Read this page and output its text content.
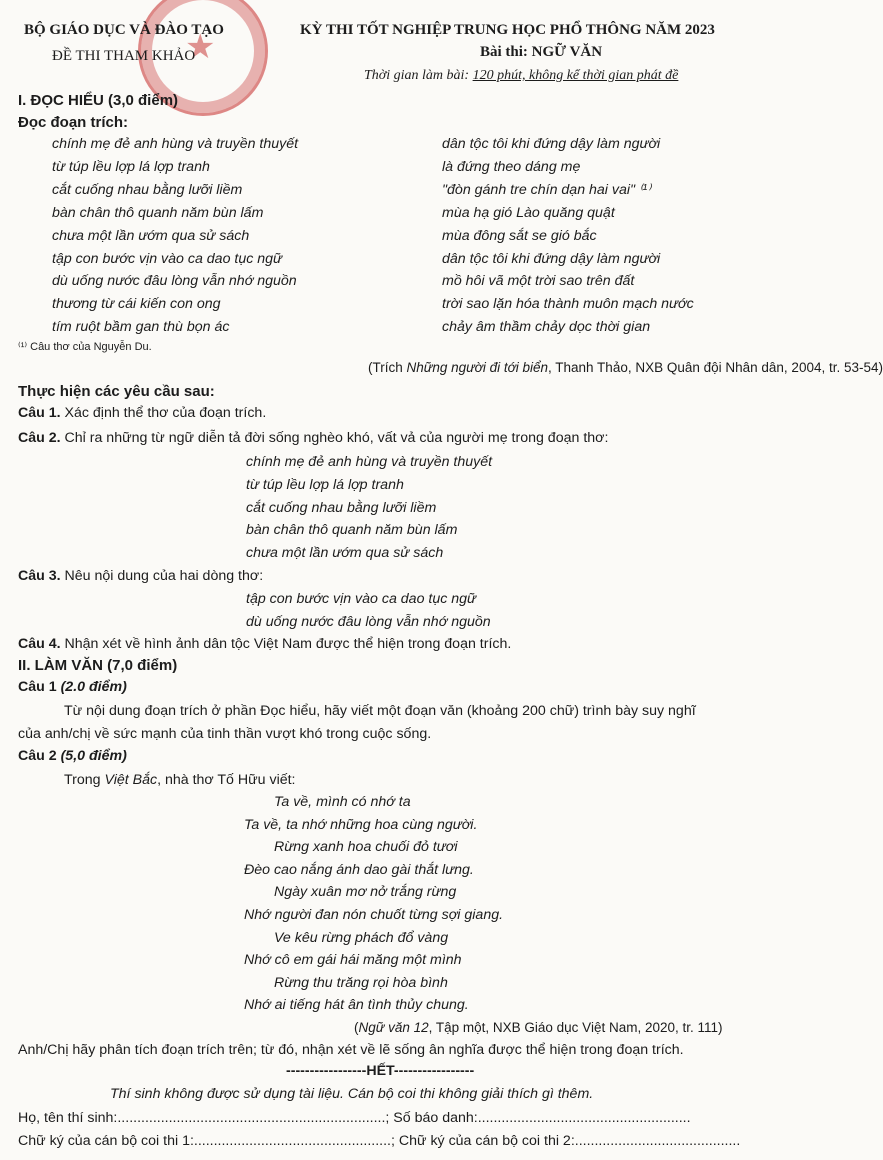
★
BỘ GIÁO DỤC VÀ ĐÀO TẠO
ĐỀ THI THAM KHẢO
KỲ THI TỐT NGHIỆP TRUNG HỌC PHỔ THÔNG NĂM 2023
Bài thi: NGỮ VĂN
Thời gian làm bài: 120 phút, không kể thời gian phát đề
I. ĐỌC HIỂU (3,0 điểm)
Đọc đoạn trích:
chính mẹ đẻ anh hùng và truyền thuyết
từ túp lều lợp lá lợp tranh
cắt cuống nhau bằng lưỡi liềm
bàn chân thô quanh năm bùn lấm
chưa một lần ướm qua sử sách
tập con bước vịn vào ca dao tục ngữ
dù uống nước đâu lòng vẫn nhớ nguồn
thương từ cái kiến con ong
tím ruột bầm gan thù bọn ác
dân tộc tôi khi đứng dậy làm người
là đứng theo dáng mẹ
"đòn gánh tre chín dạn hai vai" ⁽¹⁾
mùa hạ gió Lào quăng quật
mùa đông sắt se gió bắc
dân tộc tôi khi đứng dậy làm người
mồ hôi vã một trời sao trên đất
trời sao lặn hóa thành muôn mạch nước
chảy âm thầm chảy dọc thời gian
⁽¹⁾ Câu thơ của Nguyễn Du.
(Trích Những người đi tới biển, Thanh Thảo, NXB Quân đội Nhân dân, 2004, tr. 53-54)
Thực hiện các yêu cầu sau:
Câu 1. Xác định thể thơ của đoạn trích.
Câu 2. Chỉ ra những từ ngữ diễn tả đời sống nghèo khó, vất vả của người mẹ trong đoạn thơ:
chính mẹ đẻ anh hùng và truyền thuyết
từ túp lều lợp lá lợp tranh
cắt cuống nhau bằng lưỡi liềm
bàn chân thô quanh năm bùn lấm
chưa một lần ướm qua sử sách
Câu 3. Nêu nội dung của hai dòng thơ:
tập con bước vịn vào ca dao tục ngữ
dù uống nước đâu lòng vẫn nhớ nguồn
Câu 4. Nhận xét về hình ảnh dân tộc Việt Nam được thể hiện trong đoạn trích.
II. LÀM VĂN (7,0 điểm)
Câu 1 (2.0 điểm)
Từ nội dung đoạn trích ở phần Đọc hiểu, hãy viết một đoạn văn (khoảng 200 chữ) trình bày suy nghĩ
của anh/chị về sức mạnh của tinh thần vượt khó trong cuộc sống.
Câu 2 (5,0 điểm)
Trong Việt Bắc, nhà thơ Tố Hữu viết:
Ta về, mình có nhớ ta
Ta về, ta nhớ những hoa cùng người.
Rừng xanh hoa chuối đỏ tươi
Đèo cao nắng ánh dao gài thắt lưng.
Ngày xuân mơ nở trắng rừng
Nhớ người đan nón chuốt từng sợi giang.
Ve kêu rừng phách đổ vàng
Nhớ cô em gái hái măng một mình
Rừng thu trăng rọi hòa bình
Nhớ ai tiếng hát ân tình thủy chung.
(Ngữ văn 12, Tập một, NXB Giáo dục Việt Nam, 2020, tr. 111)
Anh/Chị hãy phân tích đoạn trích trên; từ đó, nhận xét về lẽ sống ân nghĩa được thể hiện trong đoạn trích.
-----------------HẾT-----------------
Thí sinh không được sử dụng tài liệu. Cán bộ coi thi không giải thích gì thêm.
Họ, tên thí sinh:....................................................................; Số báo danh:......................................................
Chữ ký của cán bộ coi thi 1:..................................................; Chữ ký của cán bộ coi thi 2:..........................................
